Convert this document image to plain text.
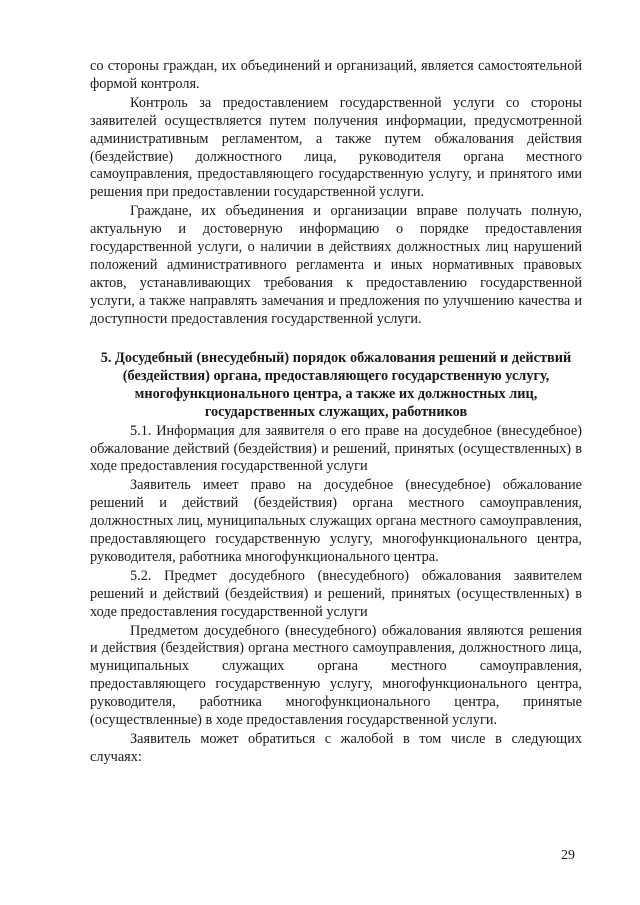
со стороны граждан, их объединений и организаций, является самостоятельной формой контроля.

Контроль за предоставлением государственной услуги со стороны заявителей осуществляется путем получения информации, предусмотренной административным регламентом, а также путем обжалования действия (бездействие) должностного лица, руководителя органа местного самоуправления, предоставляющего государственную услугу, и принятого ими решения при предоставлении государственной услуги.

Граждане, их объединения и организации вправе получать полную, актуальную и достоверную информацию о порядке предоставления государственной услуги, о наличии в действиях должностных лиц нарушений положений административного регламента и иных нормативных правовых актов, устанавливающих требования к предоставлению государственной услуги, а также направлять замечания и предложения по улучшению качества и доступности предоставления государственной услуги.

5. Досудебный (внесудебный) порядок обжалования решений и действий (бездействия) органа, предоставляющего государственную услугу, многофункционального центра, а также их должностных лиц, государственных служащих, работников

5.1. Информация для заявителя о его праве на досудебное (внесудебное) обжалование действий (бездействия) и решений, принятых (осуществленных) в ходе предоставления государственной услуги

Заявитель имеет право на досудебное (внесудебное) обжалование решений и действий (бездействия) органа местного самоуправления, должностных лиц, муниципальных служащих органа местного самоуправления, предоставляющего государственную услугу, многофункционального центра, руководителя, работника многофункционального центра.

5.2. Предмет досудебного (внесудебного) обжалования заявителем решений и действий (бездействия) и решений, принятых (осуществленных) в ходе предоставления государственной услуги

Предметом досудебного (внесудебного) обжалования являются решения и действия (бездействия) органа местного самоуправления, должностного лица, муниципальных служащих органа местного самоуправления, предоставляющего государственную услугу, многофункционального центра, руководителя, работника многофункционального центра, принятые (осуществленные) в ходе предоставления государственной услуги.

Заявитель может обратиться с жалобой в том числе в следующих случаях:

29
